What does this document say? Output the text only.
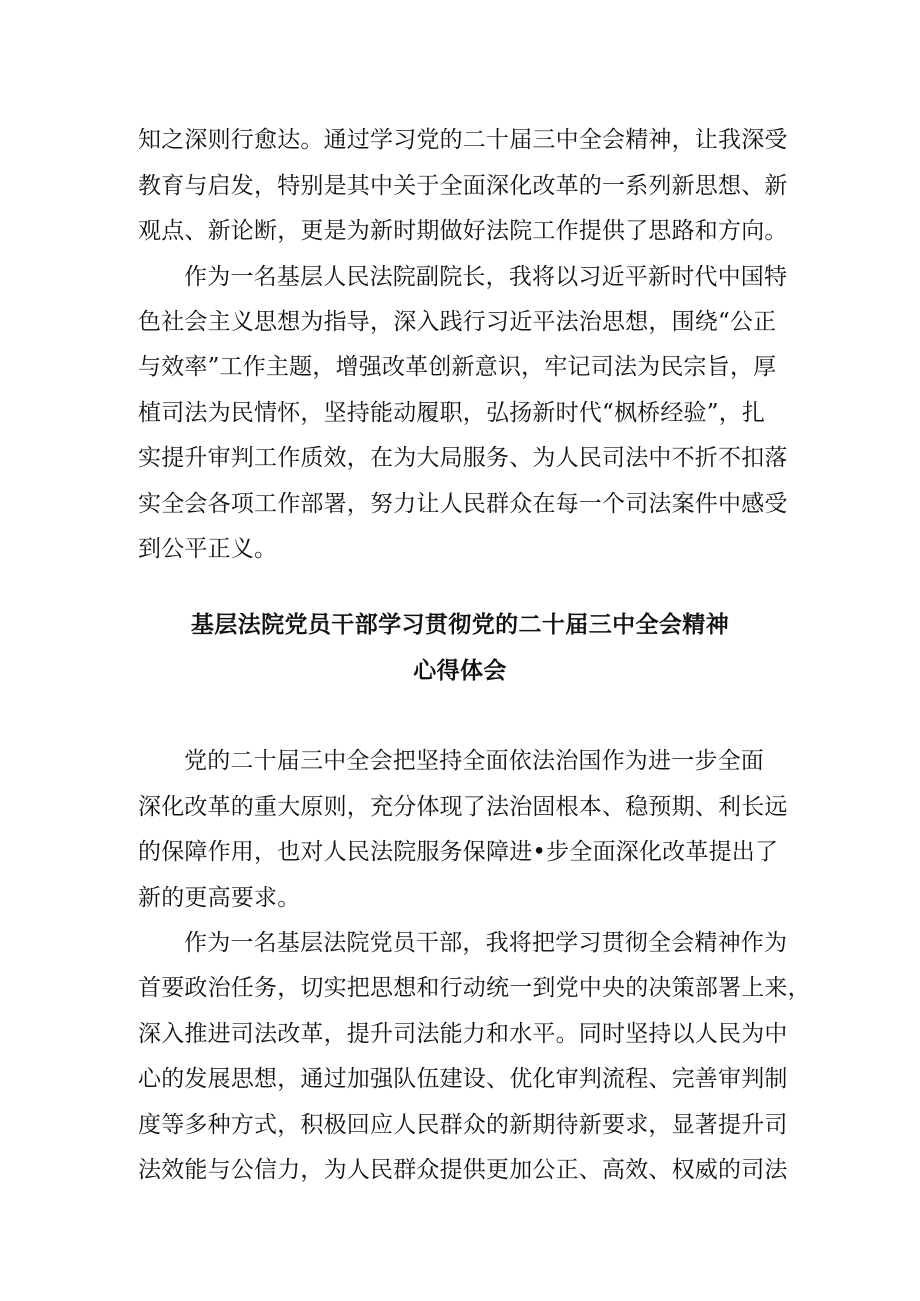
知之深则行愈达。通过学习党的二十届三中全会精神，让我深受
教育与启发，特别是其中关于全面深化改革的一系列新思想、新
观点、新论断，更是为新时期做好法院工作提供了思路和方向。
作为一名基层人民法院副院长，我将以习近平新时代中国特
色社会主义思想为指导，深入践行习近平法治思想，围绕“公正
与效率”工作主题，增强改革创新意识，牢记司法为民宗旨，厚
植司法为民情怀，坚持能动履职，弘扬新时代“枫桥经验”，扎
实提升审判工作质效，在为大局服务、为人民司法中不折不扣落
实全会各项工作部署，努力让人民群众在每一个司法案件中感受
到公平正义。
基层法院党员干部学习贯彻党的二十届三中全会精神
心得体会
党的二十届三中全会把坚持全面依法治国作为进一步全面
深化改革的重大原则，充分体现了法治固根本、稳预期、利长远
的保障作用，也对人民法院服务保障进•步全面深化改革提出了
新的更高要求。
作为一名基层法院党员干部，我将把学习贯彻全会精神作为
首要政治任务，切实把思想和行动统一到党中央的决策部署上来，
深入推进司法改革，提升司法能力和水平。同时坚持以人民为中
心的发展思想，通过加强队伍建设、优化审判流程、完善审判制
度等多种方式，积极回应人民群众的新期待新要求，显著提升司
法效能与公信力，为人民群众提供更加公正、高效、权威的司法
